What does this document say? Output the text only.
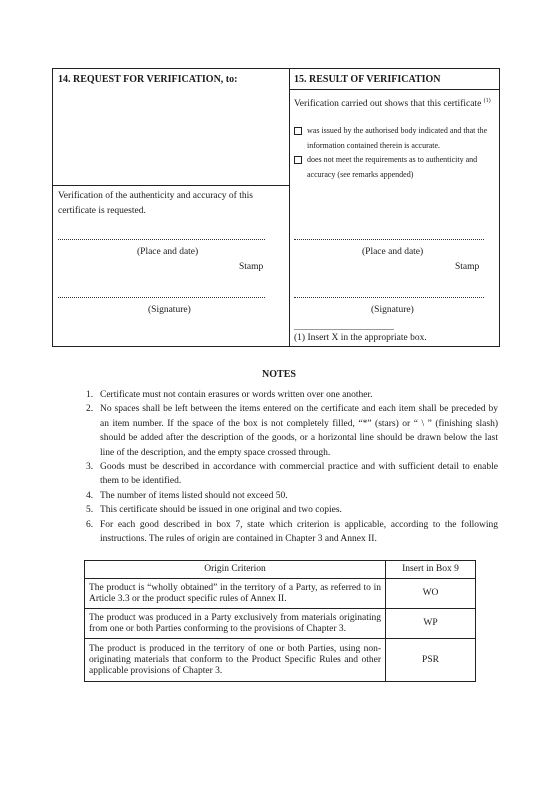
14. REQUEST FOR VERIFICATION, to:	15. RESULT OF VERIFICATION
Verification of the authenticity and accuracy of this certificate is requested.
Verification carried out shows that this certificate $^{(1)}$
was issued by the authorised body indicated and that the information contained therein is accurate.
does not meet the requirements as to authenticity and accuracy (see remarks appended)
(Place and date)
Stamp
(Signature)
(Place and date)
Stamp
(Signature)
(1) Insert X in the appropriate box.
NOTES
1. Certificate must not contain erasures or words written over one another.
2. No spaces shall be left between the items entered on the certificate and each item shall be preceded by an item number. If the space of the box is not completely filled, “*” (stars) or “ \ ” (finishing slash) should be added after the description of the goods, or a horizontal line should be drawn below the last line of the description, and the empty space crossed through.
3. Goods must be described in accordance with commercial practice and with sufficient detail to enable them to be identified.
4. The number of items listed should not exceed 50.
5. This certificate should be issued in one original and two copies.
6. For each good described in box 7, state which criterion is applicable, according to the following instructions. The rules of origin are contained in Chapter 3 and Annex II.
Origin Criterion	Insert in Box 9
The product is “wholly obtained” in the territory of a Party, as referred to in Article 3.3 or the product specific rules of Annex II.	WO
The product was produced in a Party exclusively from materials originating from one or both Parties conforming to the provisions of Chapter 3.	WP
The product is produced in the territory of one or both Parties, using non-originating materials that conform to the Product Specific Rules and other applicable provisions of Chapter 3.	PSR
